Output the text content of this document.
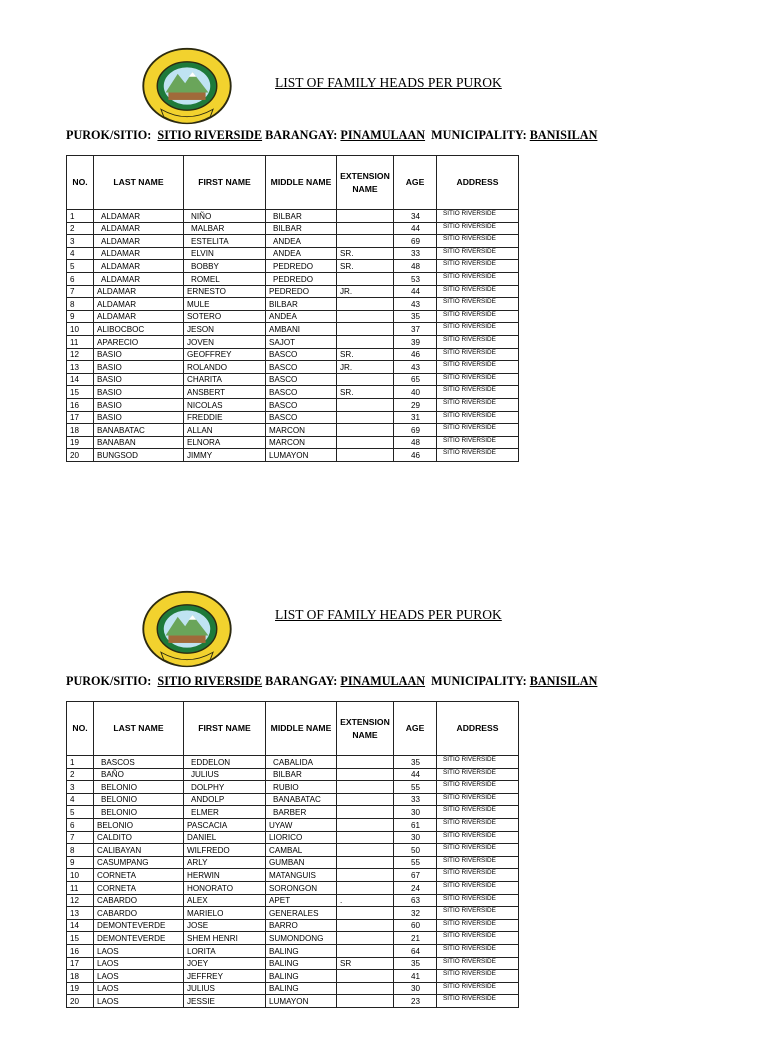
LIST OF FAMILY HEADS PER PUROK
PUROK/SITIO: SITIO RIVERSIDE BARANGAY: PINAMULAAN MUNICIPALITY: BANISILAN
NO.	LAST NAME	FIRST NAME	MIDDLE NAME	EXTENSION NAME	AGE	ADDRESS
1	ALDAMAR	NIÑO	BILBAR		34	SITIO RIVERSIDE
2	ALDAMAR	MALBAR	BILBAR		44	SITIO RIVERSIDE
3	ALDAMAR	ESTELITA	ANDEA		69	SITIO RIVERSIDE
4	ALDAMAR	ELVIN	ANDEA	SR.	33	SITIO RIVERSIDE
5	ALDAMAR	BOBBY	PEDREDO	SR.	48	SITIO RIVERSIDE
6	ALDAMAR	ROMEL	PEDREDO		53	SITIO RIVERSIDE
7	ALDAMAR	ERNESTO	PEDREDO	JR.	44	SITIO RIVERSIDE
8	ALDAMAR	MULE	BILBAR		43	SITIO RIVERSIDE
9	ALDAMAR	SOTERO	ANDEA		35	SITIO RIVERSIDE
10	ALIBOCBOC	JESON	AMBANI		37	SITIO RIVERSIDE
11	APARECIO	JOVEN	SAJOT		39	SITIO RIVERSIDE
12	BASIO	GEOFFREY	BASCO	SR.	46	SITIO RIVERSIDE
13	BASIO	ROLANDO	BASCO	JR.	43	SITIO RIVERSIDE
14	BASIO	CHARITA	BASCO		65	SITIO RIVERSIDE
15	BASIO	ANSBERT	BASCO	SR.	40	SITIO RIVERSIDE
16	BASIO	NICOLAS	BASCO		29	SITIO RIVERSIDE
17	BASIO	FREDDIE	BASCO		31	SITIO RIVERSIDE
18	BANABATAC	ALLAN	MARCON		69	SITIO RIVERSIDE
19	BANABAN	ELNORA	MARCON		48	SITIO RIVERSIDE
20	BUNGSOD	JIMMY	LUMAYON		46	SITIO RIVERSIDE
LIST OF FAMILY HEADS PER PUROK
PUROK/SITIO: SITIO RIVERSIDE BARANGAY: PINAMULAAN MUNICIPALITY: BANISILAN
NO.	LAST NAME	FIRST NAME	MIDDLE NAME	EXTENSION NAME	AGE	ADDRESS
1	BASCOS	EDDELON	CABALIDA		35	SITIO RIVERSIDE
2	BAÑO	JULIUS	BILBAR		44	SITIO RIVERSIDE
3	BELONIO	DOLPHY	RUBIO		55	SITIO RIVERSIDE
4	BELONIO	ANDOLP	BANABATAC		33	SITIO RIVERSIDE
5	BELONIO	ELMER	BARBER		30	SITIO RIVERSIDE
6	BELONIO	PASCACIA	UYAW		61	SITIO RIVERSIDE
7	CALDITO	DANIEL	LIORICO		30	SITIO RIVERSIDE
8	CALIBAYAN	WILFREDO	CAMBAL		50	SITIO RIVERSIDE
9	CASUMPANG	ARLY	GUMBAN		55	SITIO RIVERSIDE
10	CORNETA	HERWIN	MATANGUIS		67	SITIO RIVERSIDE
11	CORNETA	HONORATO	SORONGON		24	SITIO RIVERSIDE
12	CABARDO	ALEX	APET	.	63	SITIO RIVERSIDE
13	CABARDO	MARIELO	GENERALES		32	SITIO RIVERSIDE
14	DEMONTEVERDE	JOSE	BARRO		60	SITIO RIVERSIDE
15	DEMONTEVERDE	SHEM HENRI	SUMONDONG		21	SITIO RIVERSIDE
16	LAOS	LORITA	BALING		64	SITIO RIVERSIDE
17	LAOS	JOEY	BALING	SR	35	SITIO RIVERSIDE
18	LAOS	JEFFREY	BALING		41	SITIO RIVERSIDE
19	LAOS	JULIUS	BALING		30	SITIO RIVERSIDE
20	LAOS	JESSIE	LUMAYON		23	SITIO RIVERSIDE
